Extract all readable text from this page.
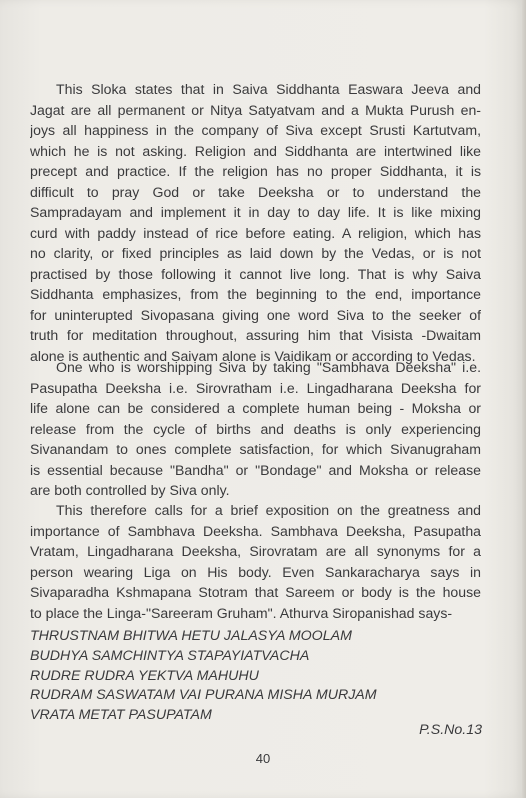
This Sloka states that in Saiva Siddhanta Easwara Jeeva and
Jagat are all permanent or Nitya Satyatvam and a Mukta Purush en-
joys all happiness in the company of Siva except Srusti Kartutvam,
which he is not asking. Religion and Siddhanta are intertwined like
precept and practice. If the religion has no proper Siddhanta, it is
difficult to pray God or take Deeksha or to understand the
Sampradayam and implement it in day to day life. It is like mixing
curd with paddy instead of rice before eating. A religion, which has
no clarity, or fixed principles as laid down by the Vedas, or is not
practised by those following it cannot live long. That is why Saiva
Siddhanta emphasizes, from the beginning to the end, importance
for uninterupted Sivopasana giving one word Siva to the seeker of
truth for meditation throughout, assuring him that Visista -Dwaitam
alone is authentic and Saivam alone is Vaidikam or according to Vedas.
One who is worshipping Siva by taking "Sambhava Deeksha" i.e.
Pasupatha Deeksha i.e. Sirovratham i.e. Lingadharana Deeksha for
life alone can be considered a complete human being - Moksha or
release from the cycle of births and deaths is only experiencing
Sivanandam to ones complete satisfaction, for which Sivanugraham
is essential because "Bandha" or "Bondage" and Moksha or release
are both controlled by Siva only.
This therefore calls for a brief exposition on the greatness and
importance of Sambhava Deeksha. Sambhava Deeksha, Pasupatha
Vratam, Lingadharana Deeksha, Sirovratam are all synonyms for a
person wearing Liga on His body. Even Sankaracharya says in
Sivaparadha Kshmapana Stotram that Sareem or body is the house
to place the Linga-"Sareeram Gruham". Athurva Siropanishad says-
THRUSTNAM BHITWA HETU JALASYA MOOLAM
BUDHYA SAMCHINTYA STAPAYIATVACHA
RUDRE RUDRA YEKTVA MAHUHU
RUDRAM SASWATAM VAI PURANA MISHA MURJAM
VRATA METAT PASUPATAM
P.S.No.13
40
